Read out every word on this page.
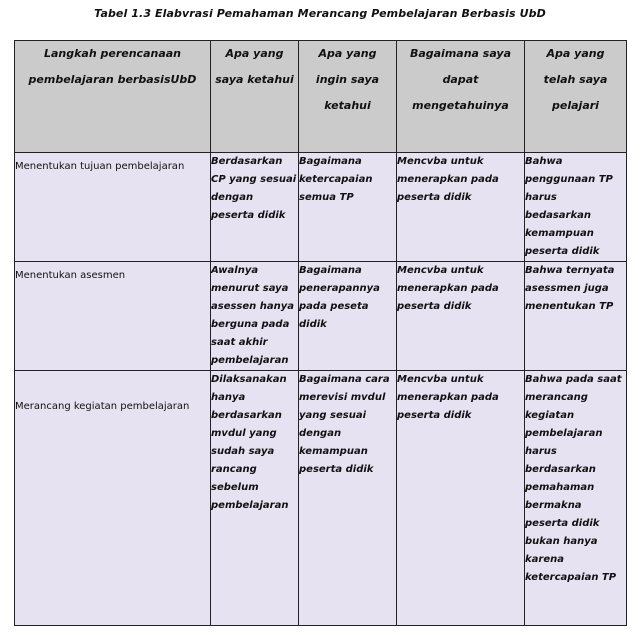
Tabel 1.3 Elabvrasi Pemahaman Merancang Pembelajaran Berbasis UbD
Langkah perencanaan pembelajaran berbasisUbD	Apa yang saya ketahui	Apa yang ingin saya ketahui	Bagaimana saya dapat mengetahuinya	Apa yang telah saya pelajari

Menentukan tujuan pembelajaran	Berdasarkan CP yang sesuai dengan peserta didik	Bagaimana ketercapaian semua TP	Mencvba untuk menerapkan pada peserta didik	Bahwa penggunaan TP harus bedasarkan kemampuan peserta didik
Menentukan asesmen	Awalnya menurut saya asessen hanya berguna pada saat akhir pembelajaran	Bagaimana penerapannya pada peseta didik	Mencvba untuk menerapkan pada peserta didik	Bahwa ternyata asessmen juga menentukan TP
Merancang kegiatan pembelajaran	Dilaksanakan hanya berdasarkan mvdul yang sudah saya rancang sebelum pembelajaran	Bagaimana cara merevisi mvdul yang sesuai dengan kemampuan peserta didik	Mencvba untuk menerapkan pada peserta didik	Bahwa pada saat merancang kegiatan pembelajaran harus berdasarkan pemahaman bermakna peserta didik bukan hanya karena ketercapaian TP
